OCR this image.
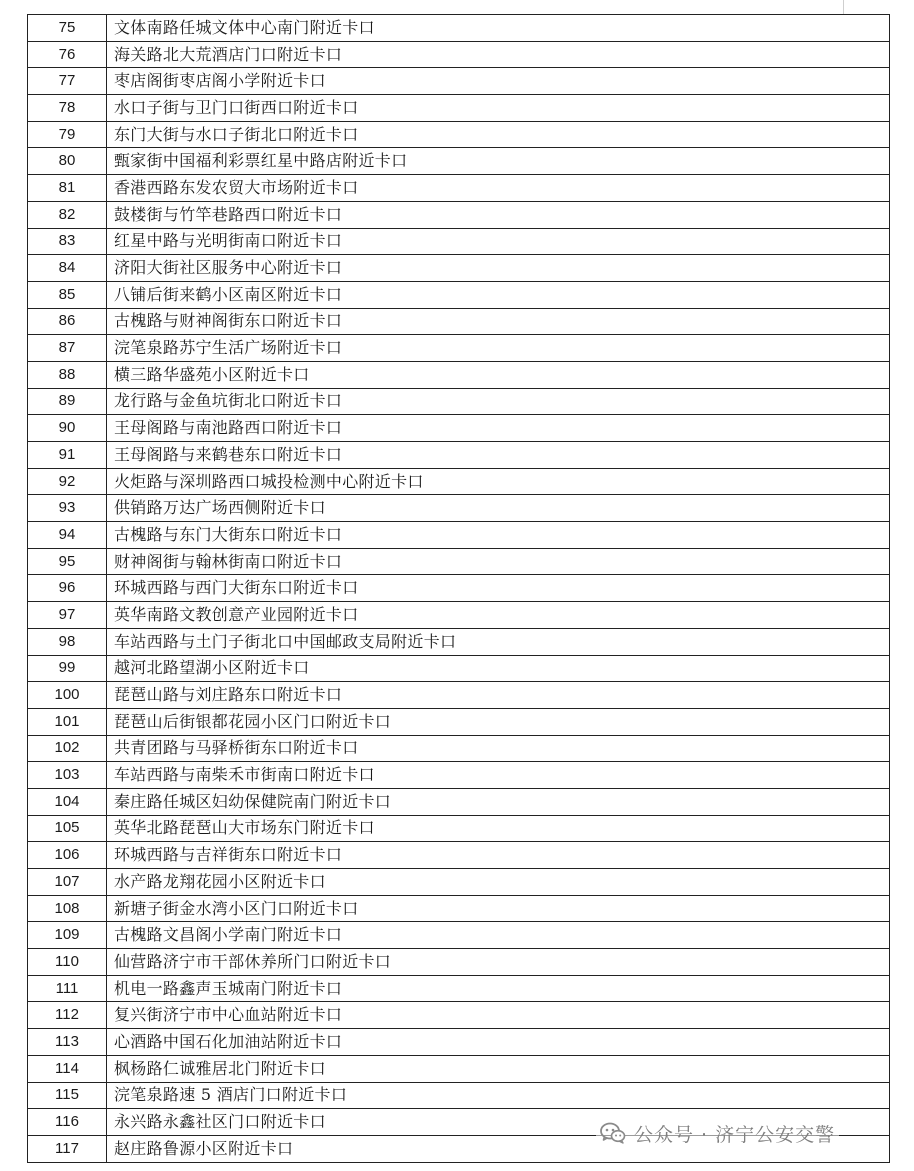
75	文体南路任城文体中心南门附近卡口
76	海关路北大荒酒店门口附近卡口
77	枣店阁街枣店阁小学附近卡口
78	水口子街与卫门口街西口附近卡口
79	东门大街与水口子街北口附近卡口
80	甄家街中国福利彩票红星中路店附近卡口
81	香港西路东发农贸大市场附近卡口
82	鼓楼街与竹竿巷路西口附近卡口
83	红星中路与光明街南口附近卡口
84	济阳大街社区服务中心附近卡口
85	八铺后街来鹤小区南区附近卡口
86	古槐路与财神阁街东口附近卡口
87	浣笔泉路苏宁生活广场附近卡口
88	横三路华盛苑小区附近卡口
89	龙行路与金鱼坑街北口附近卡口
90	王母阁路与南池路西口附近卡口
91	王母阁路与来鹤巷东口附近卡口
92	火炬路与深圳路西口城投检测中心附近卡口
93	供销路万达广场西侧附近卡口
94	古槐路与东门大街东口附近卡口
95	财神阁街与翰林街南口附近卡口
96	环城西路与西门大街东口附近卡口
97	英华南路文教创意产业园附近卡口
98	车站西路与土门子街北口中国邮政支局附近卡口
99	越河北路望湖小区附近卡口
100	琵琶山路与刘庄路东口附近卡口
101	琵琶山后街银都花园小区门口附近卡口
102	共青团路与马驿桥街东口附近卡口
103	车站西路与南柴禾市街南口附近卡口
104	秦庄路任城区妇幼保健院南门附近卡口
105	英华北路琵琶山大市场东门附近卡口
106	环城西路与吉祥街东口附近卡口
107	水产路龙翔花园小区附近卡口
108	新塘子街金水湾小区门口附近卡口
109	古槐路文昌阁小学南门附近卡口
110	仙营路济宁市干部休养所门口附近卡口
111	机电一路鑫声玉城南门附近卡口
112	复兴街济宁市中心血站附近卡口
113	心酒路中国石化加油站附近卡口
114	枫杨路仁诚雅居北门附近卡口
115	浣笔泉路速 5 酒店门口附近卡口
116	永兴路永鑫社区门口附近卡口
117	赵庄路鲁源小区附近卡口
公众号 · 济宁公安交警
